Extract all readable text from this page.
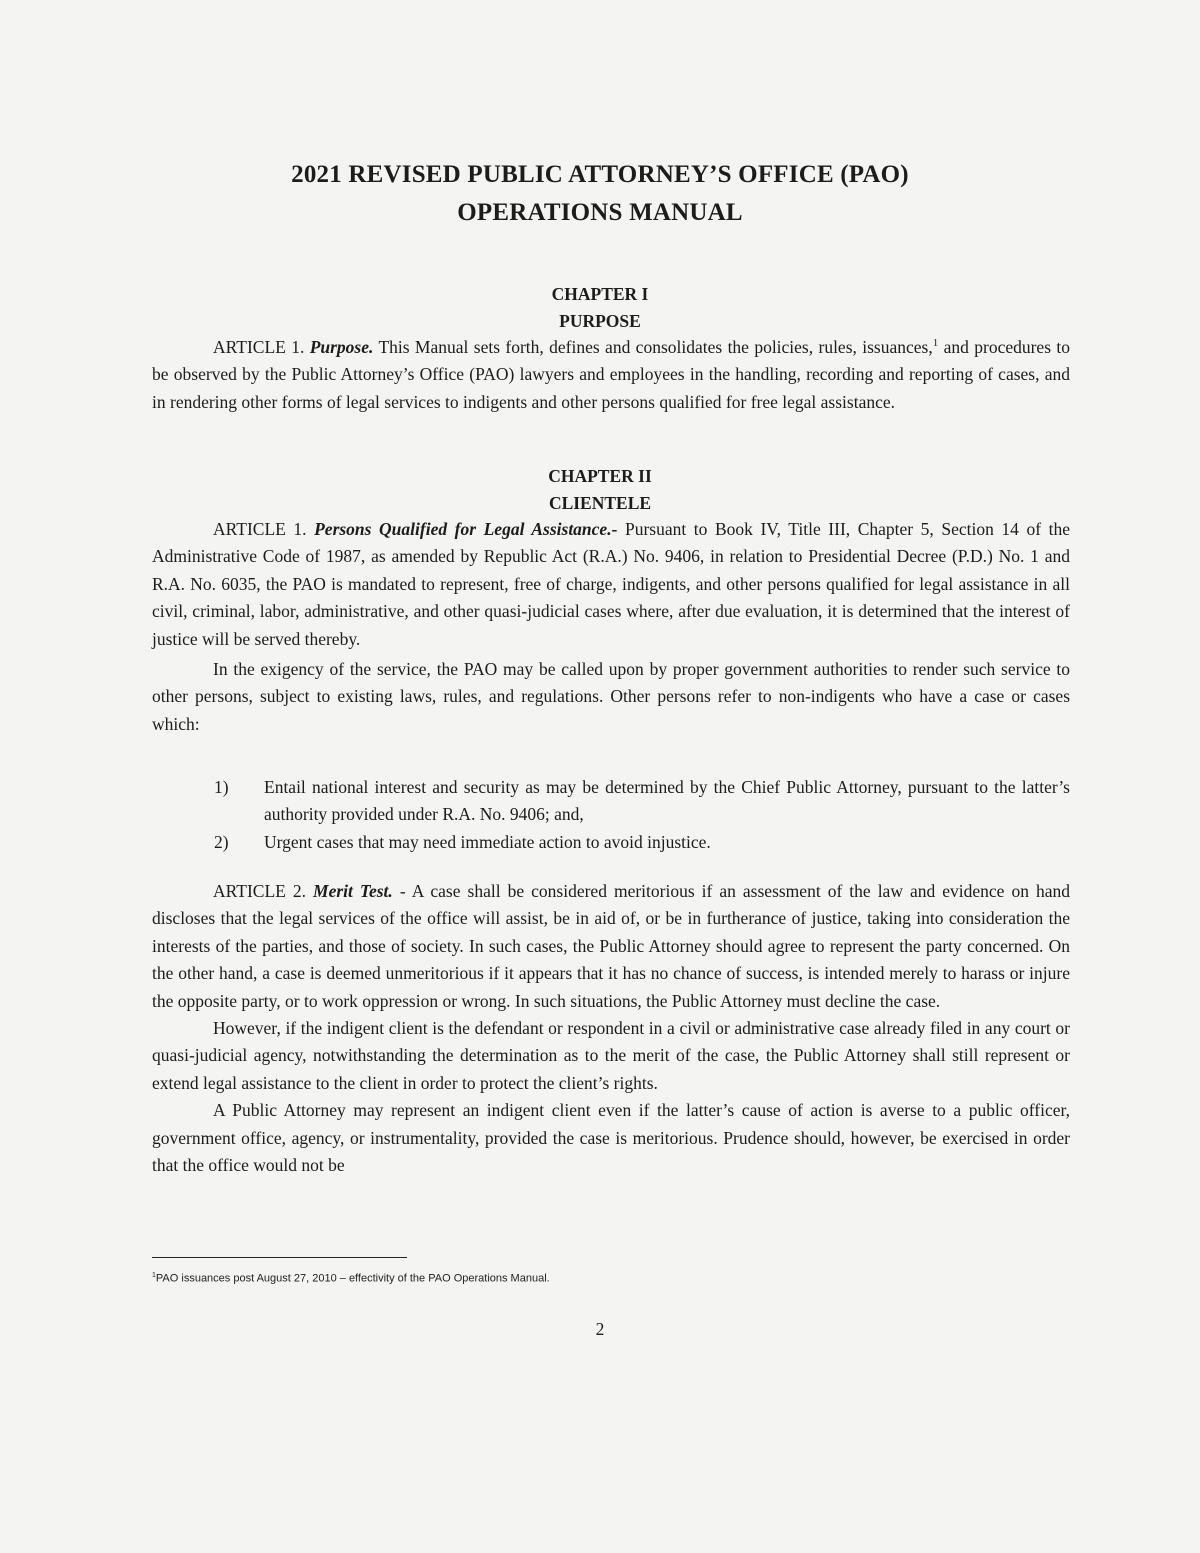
2021 REVISED PUBLIC ATTORNEY’S OFFICE (PAO)
OPERATIONS MANUAL
CHAPTER I
PURPOSE

ARTICLE 1. Purpose. This Manual sets forth, defines and consolidates the policies, rules, issuances,$^1$ and procedures to be observed by the Public Attorney’s Office (PAO) lawyers and employees in the handling, recording and reporting of cases, and in rendering other forms of legal services to indigents and other persons qualified for free legal assistance.

CHAPTER II
CLIENTELE

ARTICLE 1. Persons Qualified for Legal Assistance.- Pursuant to Book IV, Title III, Chapter 5, Section 14 of the Administrative Code of 1987, as amended by Republic Act (R.A.) No. 9406, in relation to Presidential Decree (P.D.) No. 1 and R.A. No. 6035, the PAO is mandated to represent, free of charge, indigents, and other persons qualified for legal assistance in all civil, criminal, labor, administrative, and other quasi-judicial cases where, after due evaluation, it is determined that the interest of justice will be served thereby.

In the exigency of the service, the PAO may be called upon by proper government authorities to render such service to other persons, subject to existing laws, rules, and regulations. Other persons refer to non-indigents who have a case or cases which:

1)	Entail national interest and security as may be determined by the Chief Public Attorney, pursuant to the latter’s authority provided under R.A. No. 9406; and,
2)	Urgent cases that may need immediate action to avoid injustice.

ARTICLE 2. Merit Test. - A case shall be considered meritorious if an assessment of the law and evidence on hand discloses that the legal services of the office will assist, be in aid of, or be in furtherance of justice, taking into consideration the interests of the parties, and those of society. In such cases, the Public Attorney should agree to represent the party concerned. On the other hand, a case is deemed unmeritorious if it appears that it has no chance of success, is intended merely to harass or injure the opposite party, or to work oppression or wrong. In such situations, the Public Attorney must decline the case.

However, if the indigent client is the defendant or respondent in a civil or administrative case already filed in any court or quasi-judicial agency, notwithstanding the determination as to the merit of the case, the Public Attorney shall still represent or extend legal assistance to the client in order to protect the client’s rights.

A Public Attorney may represent an indigent client even if the latter’s cause of action is averse to a public officer, government office, agency, or instrumentality, provided the case is meritorious. Prudence should, however, be exercised in order that the office would not be

$^1$PAO issuances post August 27, 2010 – effectivity of the PAO Operations Manual.
2
